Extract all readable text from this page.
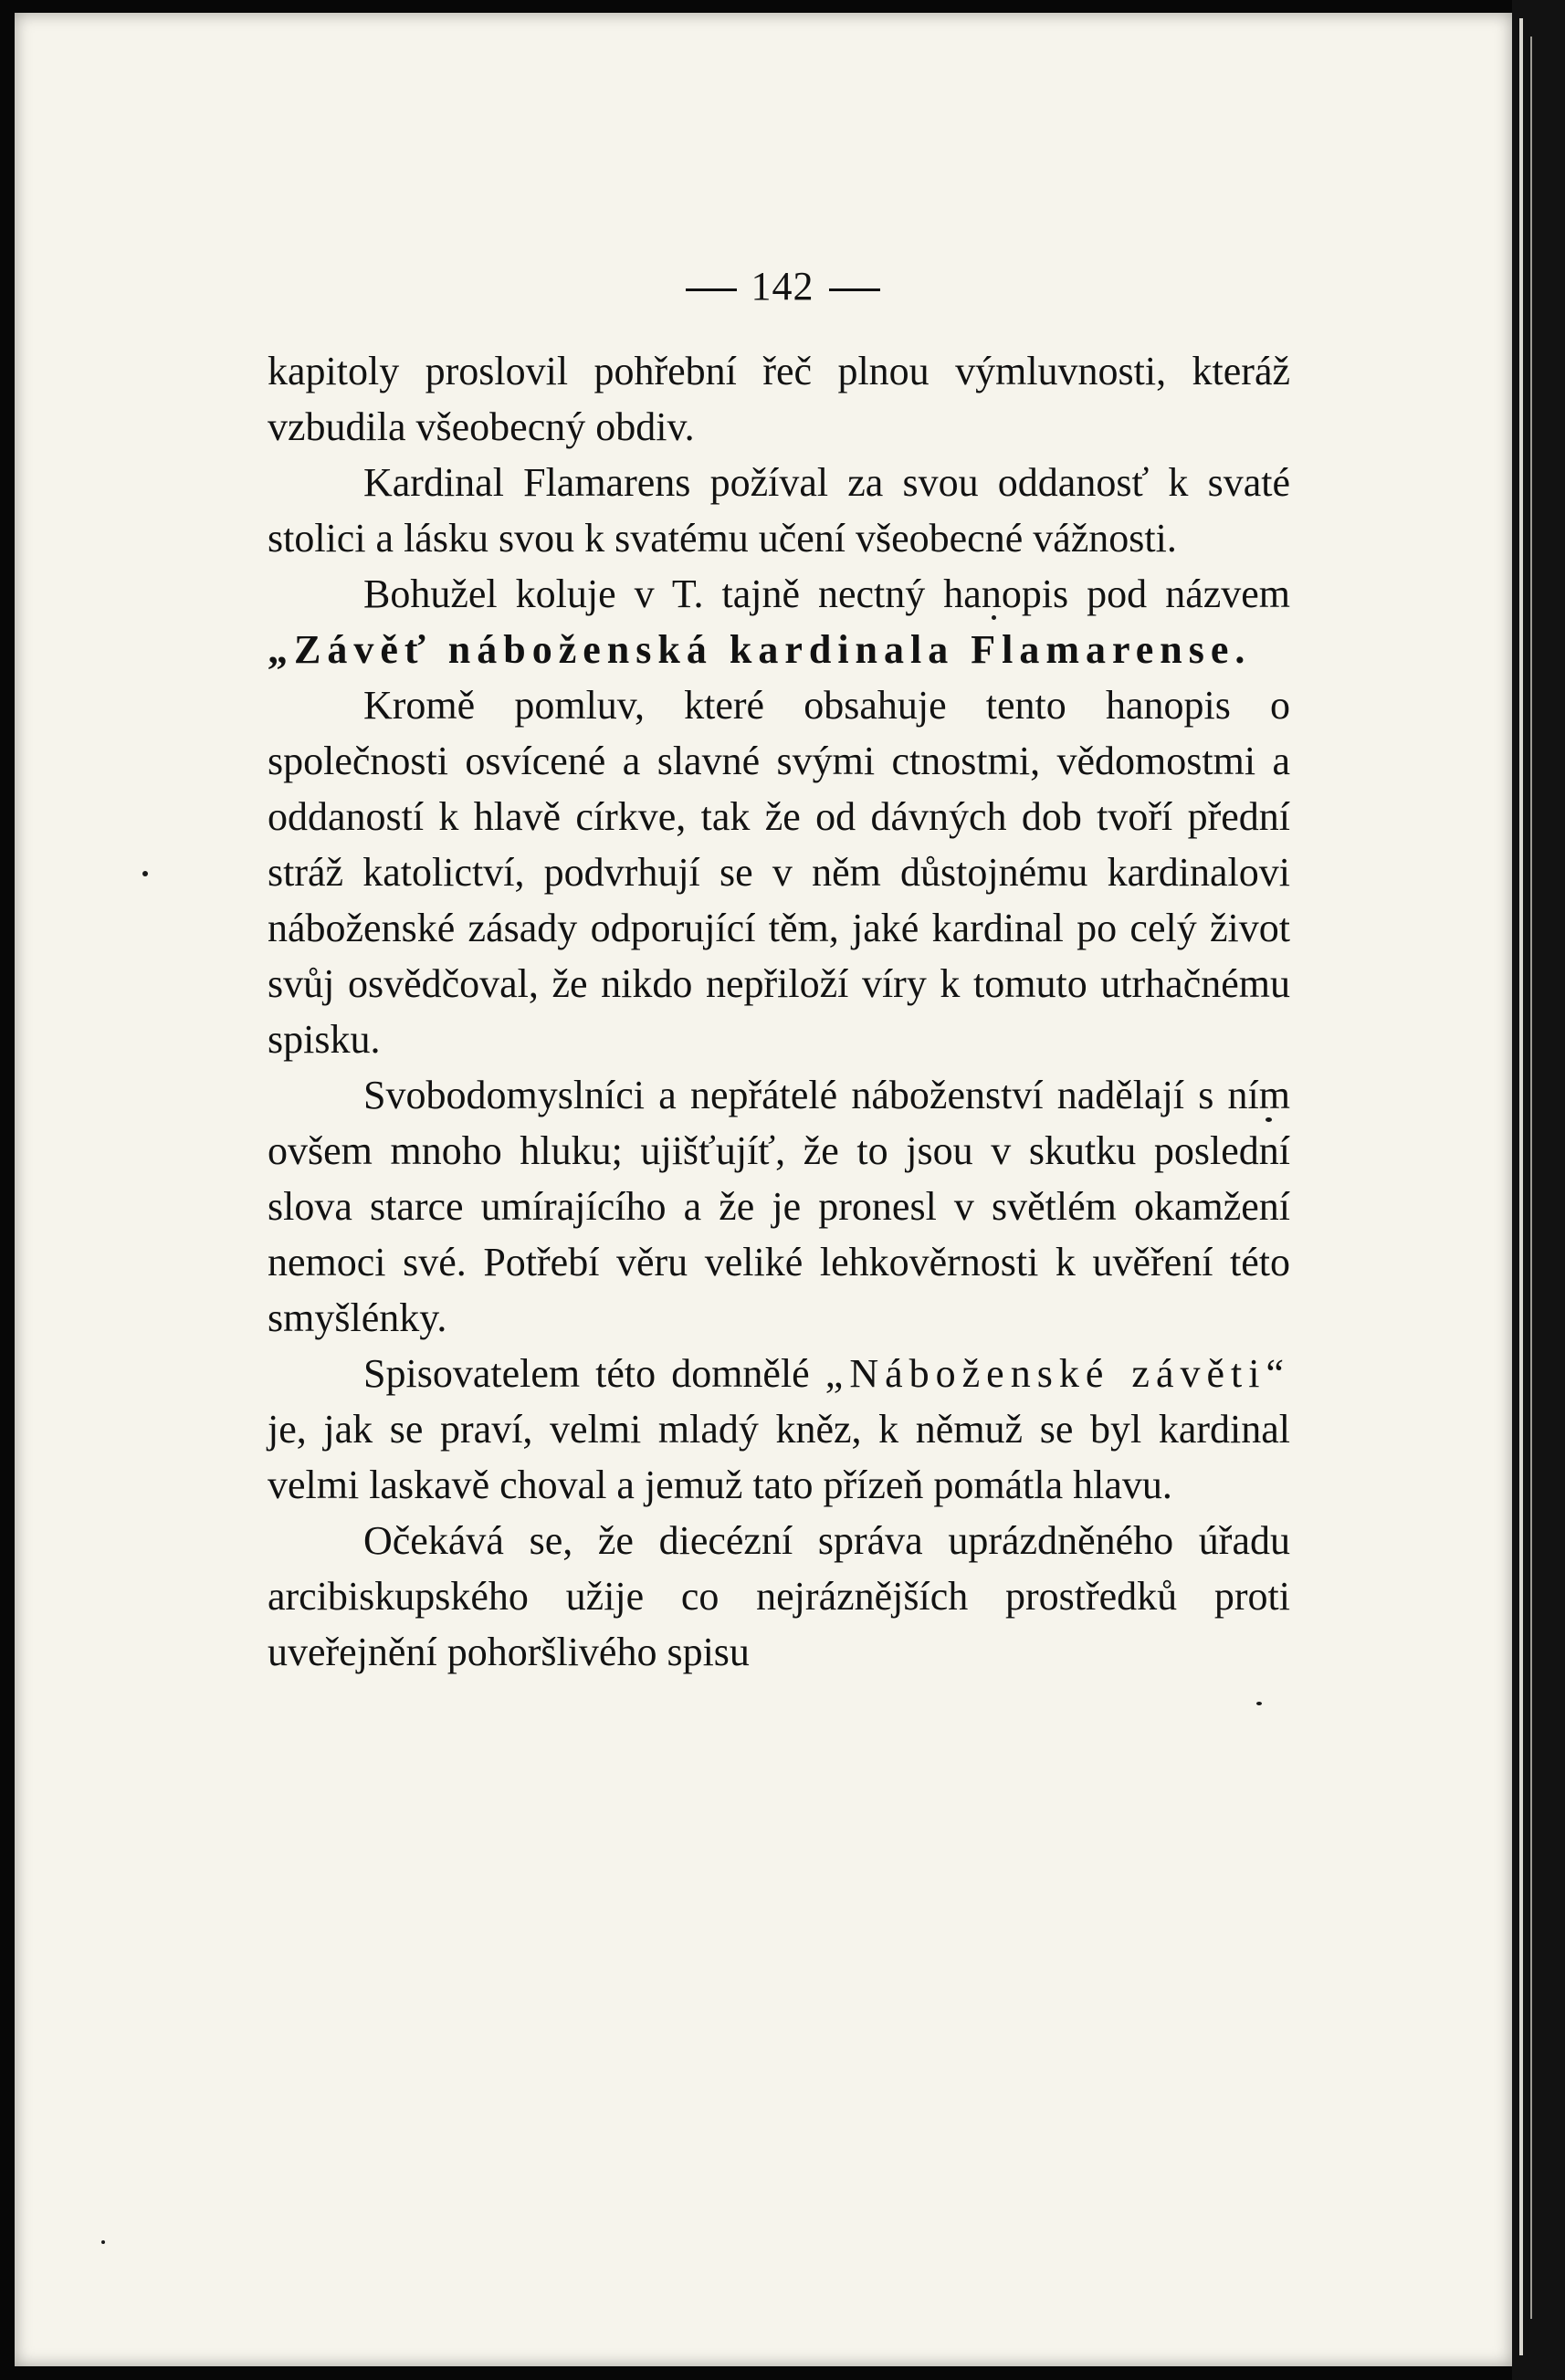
142

kapitoly proslovil pohřební řeč plnou výmluvnosti, kteráž vzbudila všeobecný obdiv.

Kardinal Flamarens požíval za svou oddanosť k svaté stolici a lásku svou k svatému učení všeobecné vážnosti.

Bohužel koluje v T. tajně nectný hanopis pod názvem „Závěť náboženská kardinala Flamarense.

Kromě pomluv, které obsahuje tento hanopis o společnosti osvícené a slavné svými ctnostmi, vědomostmi a oddaností k hlavě církve, tak že od dávných dob tvoří přední stráž katolictví, podvrhují se v něm důstojnému kardinalovi náboženské zásady odporující těm, jaké kardinal po celý život svůj osvědčoval, že nikdo nepřiloží víry k tomuto utrhačnému spisku.

Svobodomyslníci a nepřátelé náboženství nadělají s ním ovšem mnoho hluku; ujišťujíť, že to jsou v skutku poslední slova starce umírajícího a že je pronesl v světlém okamžení nemoci své. Potřebí věru veliké lehkověrnosti k uvěření této smyšlénky.

Spisovatelem této domnělé „Náboženské závěti“ je, jak se praví, velmi mladý kněz, k němuž se byl kardinal velmi laskavě choval a jemuž tato přízeň pomátla hlavu.

Očekává se, že diecézní správa uprázdněného úřadu arcibiskupského užije co nejráznějších prostředků proti uveřejnění pohoršlivého spisu
